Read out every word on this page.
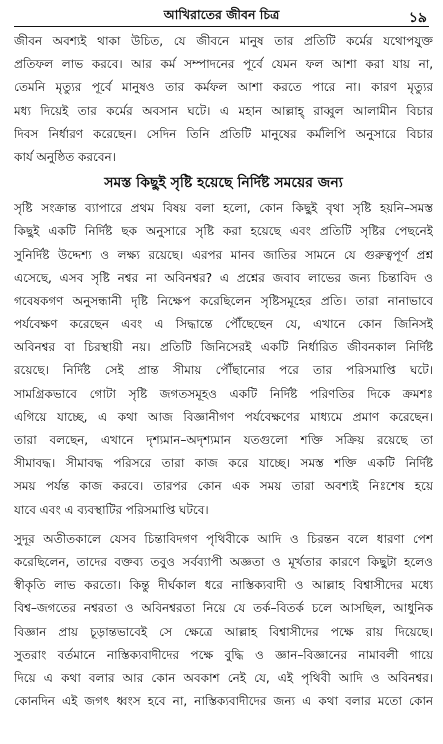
আখিরাতের জীবন চিত্র	১৯
জীবন অবশ্যই থাকা উচিত, যে জীবনে মানুষ তার প্রতিটি কর্মের যথোপযুক্ত
প্রতিফল লাভ করবে। আর কর্ম সম্পাদনের পূর্বে যেমন ফল আশা করা যায় না,
তেমনি মৃত্যুর পূর্বে মানুষও তার কর্মফল আশা করতে পারে না। কারণ মৃত্যুর
মধ্য দিয়েই তার কর্মের অবসান ঘটে। এ মহান আল্লাহ্ রাব্বুল আলামীন বিচার
দিবস নির্ধারণ করেছেন। সেদিন তিনি প্রতিটি মানুষের কর্মলিপি অনুসারে বিচার
কার্য অনুষ্ঠিত করবেন।
সমস্ত কিছুই সৃষ্টি হয়েছে নির্দিষ্ট সময়ের জন্য
সৃষ্টি সংক্রান্ত ব্যাপারে প্রথম বিষয় বলা হলো, কোন কিছুই বৃথা সৃষ্টি হয়নি–সমস্ত
কিছুই একটি নির্দিষ্ট ছক অনুসারে সৃষ্টি করা হয়েছে এবং প্রতিটি সৃষ্টির পেছনেই
সুনির্দিষ্ট উদ্দেশ্য ও লক্ষ্য রয়েছে। এরপর মানব জাতির সামনে যে গুরুত্বপূর্ণ প্রশ্ন
এসেছে, এসব সৃষ্টি নশ্বর না অবিনশ্বর? এ প্রশ্নের জবাব লাভের জন্য চিন্তাবিদ ও
গবেষকগণ অনুসন্ধানী দৃষ্টি নিক্ষেপ করেছিলেন সৃষ্টিসমূহের প্রতি। তারা নানাভাবে
পর্যবেক্ষণ করেছেন এবং এ সিদ্ধান্তে পৌঁছেছেন যে, এখানে কোন জিনিসই
অবিনশ্বর বা চিরস্থায়ী নয়। প্রতিটি জিনিসেরই একটি নির্ধারিত জীবনকাল নির্দিষ্ট
রয়েছে। নির্দিষ্ট সেই প্রান্ত সীমায় পৌঁছানোর পরে তার পরিসমাপ্তি ঘটে।
সামগ্রিকভাবে গোটা সৃষ্টি জগতসমূহও একটি নির্দিষ্ট পরিণতির দিকে ক্রমশঃ
এগিয়ে যাচ্ছে, এ কথা আজ বিজ্ঞানীগণ পর্যবেক্ষণের মাধ্যমে প্রমাণ করেছেন।
তারা বলছেন, এখানে দৃশ্যমান–অদৃশ্যমান যতগুলো শক্তি সক্রিয় রয়েছে তা
সীমাবদ্ধ। সীমাবদ্ধ পরিসরে তারা কাজ করে যাচ্ছে। সমস্ত শক্তি একটি নির্দিষ্ট
সময় পর্যন্ত কাজ করবে। তারপর কোন এক সময় তারা অবশ্যই নিঃশেষ হয়ে
যাবে এবং এ ব্যবস্থাটির পরিসমাপ্তি ঘটবে।
সুদূর অতীতকালে যেসব চিন্তাবিদগণ পৃথিবীকে আদি ও চিরন্তন বলে ধারণা পেশ
করেছিলেন, তাদের বক্তব্য তবুও সর্বব্যাপী অজ্ঞতা ও মূর্খতার কারণে কিছুটা হলেও
স্বীকৃতি লাভ করতো। কিন্তু দীর্ঘকাল ধরে নাস্তিক্যবাদী ও আল্লাহ বিশ্বাসীদের মধ্যে
বিশ্ব–জগতের নশ্বরতা ও অবিনশ্বরতা নিয়ে যে তর্ক–বিতর্ক চলে আসছিল, আধুনিক
বিজ্ঞান প্রায় চূড়ান্তভাবেই সে ক্ষেত্রে আল্লাহ বিশ্বাসীদের পক্ষে রায় দিয়েছে।
সুতরাং বর্তমানে নাস্তিক্যবাদীদের পক্ষে বুদ্ধি ও জ্ঞান–বিজ্ঞানের নামাবলী গায়ে
দিয়ে এ কথা বলার আর কোন অবকাশ নেই যে, এই পৃথিবী আদি ও অবিনশ্বর।
কোনদিন এই জগৎ ধ্বংস হবে না, নাস্তিক্যবাদীদের জন্য এ কথা বলার মতো কোন
